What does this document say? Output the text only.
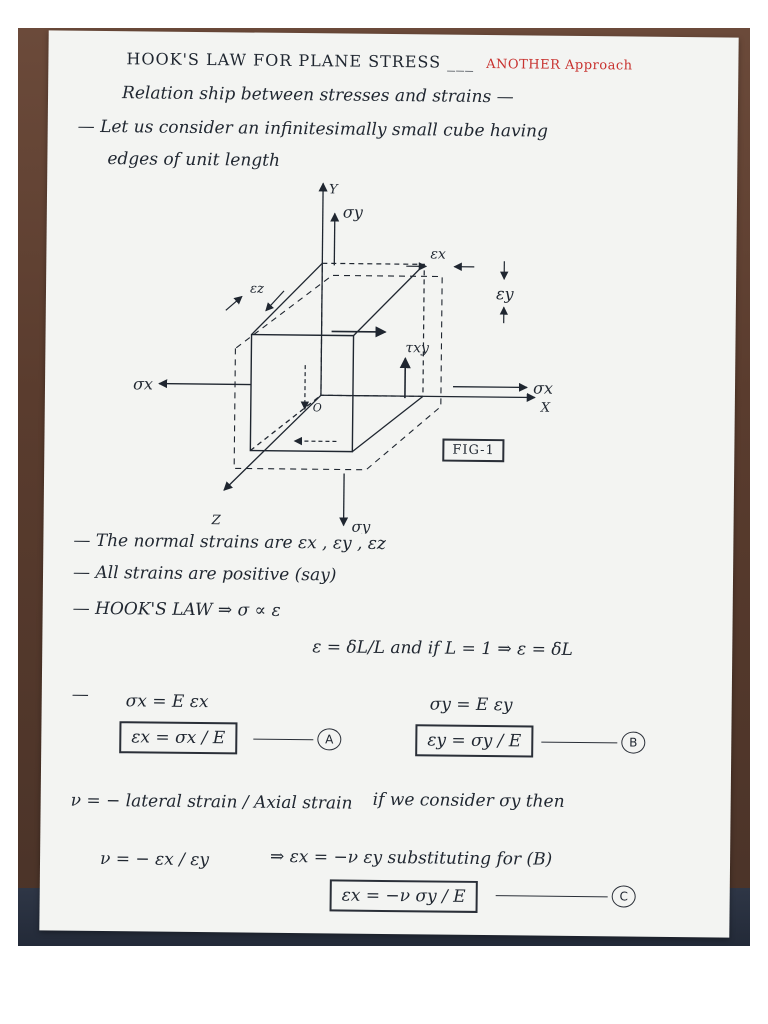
HOOK'S LAW FOR PLANE STRESS ___ ANOTHER Approach
Relation ship between stresses and strains —
— Let us consider an infinitesimally small cube having
edges of unit length
Y
σy
εx
εy
εz
τxy
σx	σx
X
O
Z	σy
FIG-1
— The normal strains are εx , εy , εz
— All strains are positive (say)
— HOOK'S LAW ⇒ σ ∝ ε
ε = δL/L and if L = 1 ⇒ ε = δL
— σx = E εx	σy = E εy
εx = σx / E	A	εy = σy / E	B
ν = − lateral strain / Axial strain if we consider σy then
ν = − εx / εy	⇒ εx = −ν εy substituting for (B)
εx = −ν σy / E	C
